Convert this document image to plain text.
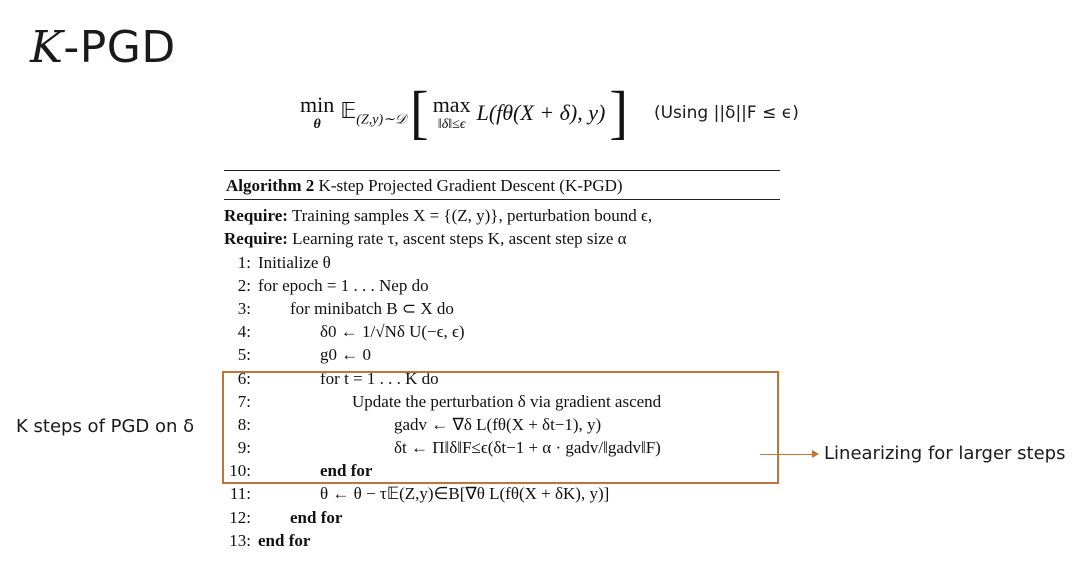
K-PGD
min
θ
𝔼$_{(Z,y)\sim 𝒟}$ [ max
‖δ‖≤ϵ L(fθ(X + δ), y) ] (Using ||δ||F ≤ ϵ)
Algorithm 2 K-step Projected Gradient Descent (K-PGD)
Require: Training samples X = {(Z, y)}, perturbation bound ϵ,
Require: Learning rate τ, ascent steps K, ascent step size α
1: Initialize θ
2: for epoch = 1 . . . Nep do
3: for minibatch B ⊂ X do
4:	δ0 ← 1/√Nδ U(−ϵ, ϵ)
5:	g0 ← 0
6:	for t = 1 . . . K do
7:	Update the perturbation δ via gradient ascend
8:	gadv ← ∇δ L(fθ(X + δt−1), y)
9:	δt ← Π‖δ‖F≤ϵ(δt−1 + α · gadv/‖gadv‖F)
10:	end for
11:	θ ← θ − τ𝔼(Z,y)∈B[∇θ L(fθ(X + δK), y)]
12: end for
13: end for
K steps of PGD on δ
Linearizing for larger steps
